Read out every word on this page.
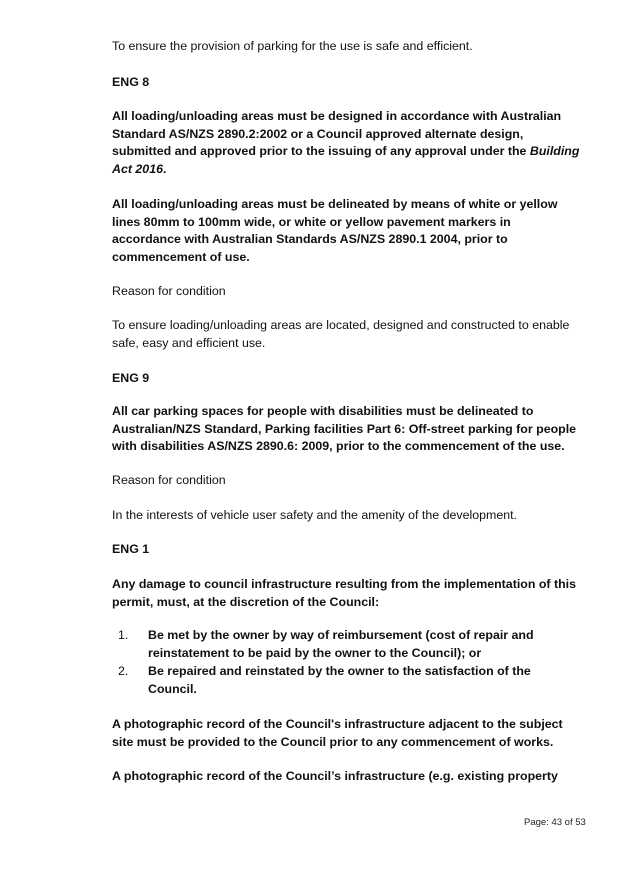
To ensure the provision of parking for the use is safe and efficient.
ENG 8
All loading/unloading areas must be designed in accordance with Australian Standard AS/NZS 2890.2:2002 or a Council approved alternate design, submitted and approved prior to the issuing of any approval under the Building Act 2016.
All loading/unloading areas must be delineated by means of white or yellow lines 80mm to 100mm wide, or white or yellow pavement markers in accordance with Australian Standards AS/NZS 2890.1 2004, prior to commencement of use.
Reason for condition
To ensure loading/unloading areas are located, designed and constructed to enable safe, easy and efficient use.
ENG 9
All car parking spaces for people with disabilities must be delineated to Australian/NZS Standard, Parking facilities Part 6: Off-street parking for people with disabilities AS/NZS 2890.6: 2009, prior to the commencement of the use.
Reason for condition
In the interests of vehicle user safety and the amenity of the development.
ENG 1
Any damage to council infrastructure resulting from the implementation of this permit, must, at the discretion of the Council:
1. Be met by the owner by way of reimbursement (cost of repair and reinstatement to be paid by the owner to the Council); or
2. Be repaired and reinstated by the owner to the satisfaction of the Council.
A photographic record of the Council's infrastructure adjacent to the subject site must be provided to the Council prior to any commencement of works.
A photographic record of the Council’s infrastructure (e.g. existing property
Page: 43 of 53
